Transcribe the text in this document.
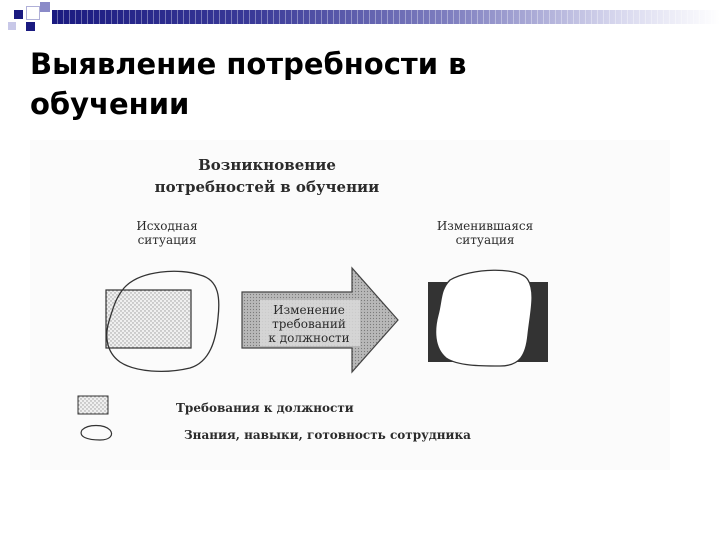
Выявление потребности в
обучении
Возникновение
потребностей в обучении
Исходная
ситуация
Изменившаяся
ситуация
Изменение
требований
к должности
Требования к должности
Знания, навыки, готовность сотрудника
